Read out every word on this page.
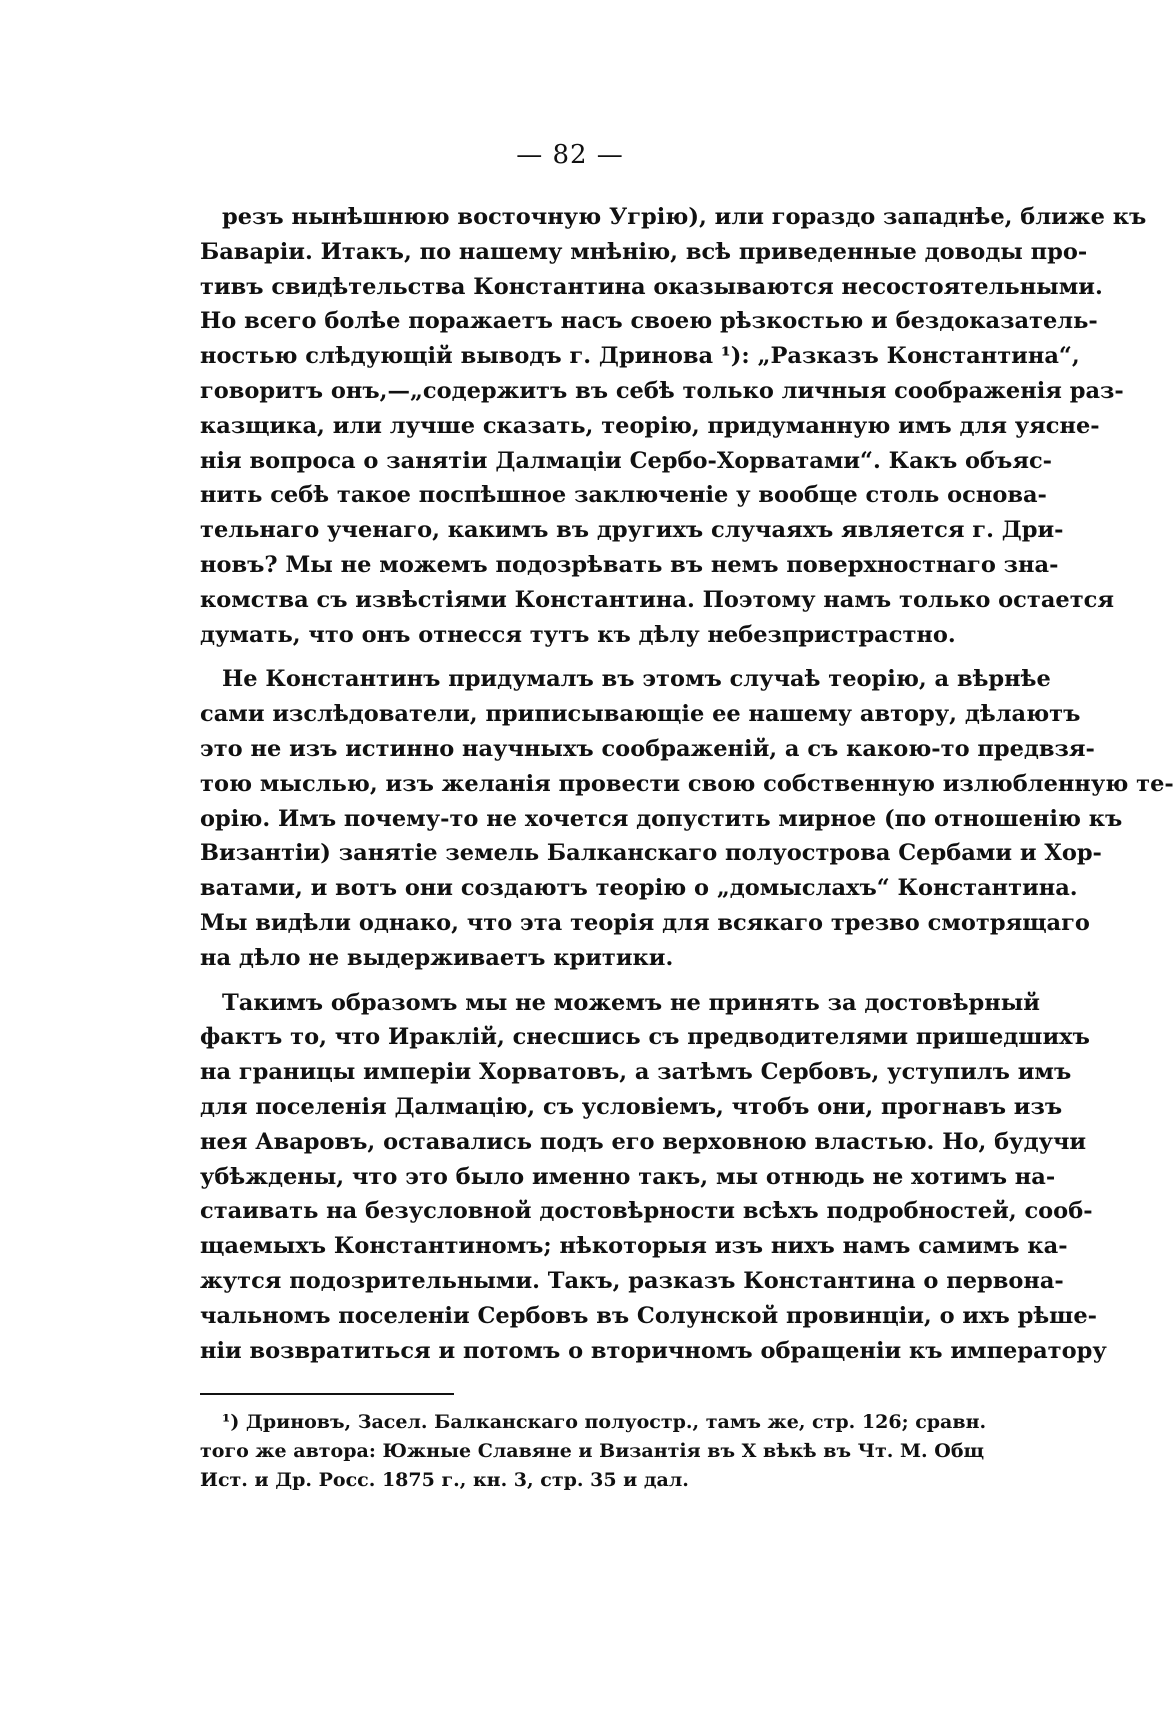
— 82 —
резъ нынѣшнюю восточную Угрію), или гораздо западнѣе, ближе къ
Баваріи. Итакъ, по нашему мнѣнію, всѣ приведенные доводы про-
тивъ свидѣтельства Константина оказываются несостоятельными.
Но всего болѣе поражаетъ насъ своею рѣзкостью и бездоказатель-
ностью слѣдующій выводъ г. Дринова ¹): „Разказъ Константина“,
говоритъ онъ,—„содержитъ въ себѣ только личныя соображенія раз-
казщика, или лучше сказать, теорію, придуманную имъ для уясне-
нія вопроса о занятіи Далмаціи Сербо-Хорватами“. Какъ объяс-
нить себѣ такое поспѣшное заключеніе у вообще столь основа-
тельнаго ученаго, какимъ въ другихъ случаяхъ является г. Дри-
новъ? Мы не можемъ подозрѣвать въ немъ поверхностнаго зна-
комства съ извѣстіями Константина. Поэтому намъ только остается
думать, что онъ отнесся тутъ къ дѣлу небезпристрастно.
Не Константинъ придумалъ въ этомъ случаѣ теорію, а вѣрнѣе
сами изслѣдователи, приписывающіе ее нашему автору, дѣлаютъ
это не изъ истинно научныхъ соображеній, а съ какою-то предвзя-
тою мыслью, изъ желанія провести свою собственную излюбленную те-
орію. Имъ почему-то не хочется допустить мирное (по отношенію къ
Византіи) занятіе земель Балканскаго полуострова Сербами и Хор-
ватами, и вотъ они создаютъ теорію о „домыслахъ“ Константина.
Мы видѣли однако, что эта теорія для всякаго трезво смотрящаго
на дѣло не выдерживаетъ критики.
Такимъ образомъ мы не можемъ не принять за достовѣрный
фактъ то, что Ираклій, снесшись съ предводителями пришедшихъ
на границы имперіи Хорватовъ, а затѣмъ Сербовъ, уступилъ имъ
для поселенія Далмацію, съ условіемъ, чтобъ они, прогнавъ изъ
нея Аваровъ, оставались подъ его верховною властью. Но, будучи
убѣждены, что это было именно такъ, мы отнюдь не хотимъ на-
стаивать на безусловной достовѣрности всѣхъ подробностей, сооб-
щаемыхъ Константиномъ; нѣкоторыя изъ нихъ намъ самимъ ка-
жутся подозрительными. Такъ, разказъ Константина о первона-
чальномъ поселеніи Сербовъ въ Солунской провинціи, о ихъ рѣше-
ніи возвратиться и потомъ о вторичномъ обращеніи къ императору
¹) Дриновъ, Засел. Балканскаго полуостр., тамъ же, стр. 126; сравн.
того же автора: Южные Славяне и Византія въ X вѣкѣ въ Чт. М. Общ
Ист. и Др. Росс. 1875 г., кн. 3, стр. 35 и дал.
